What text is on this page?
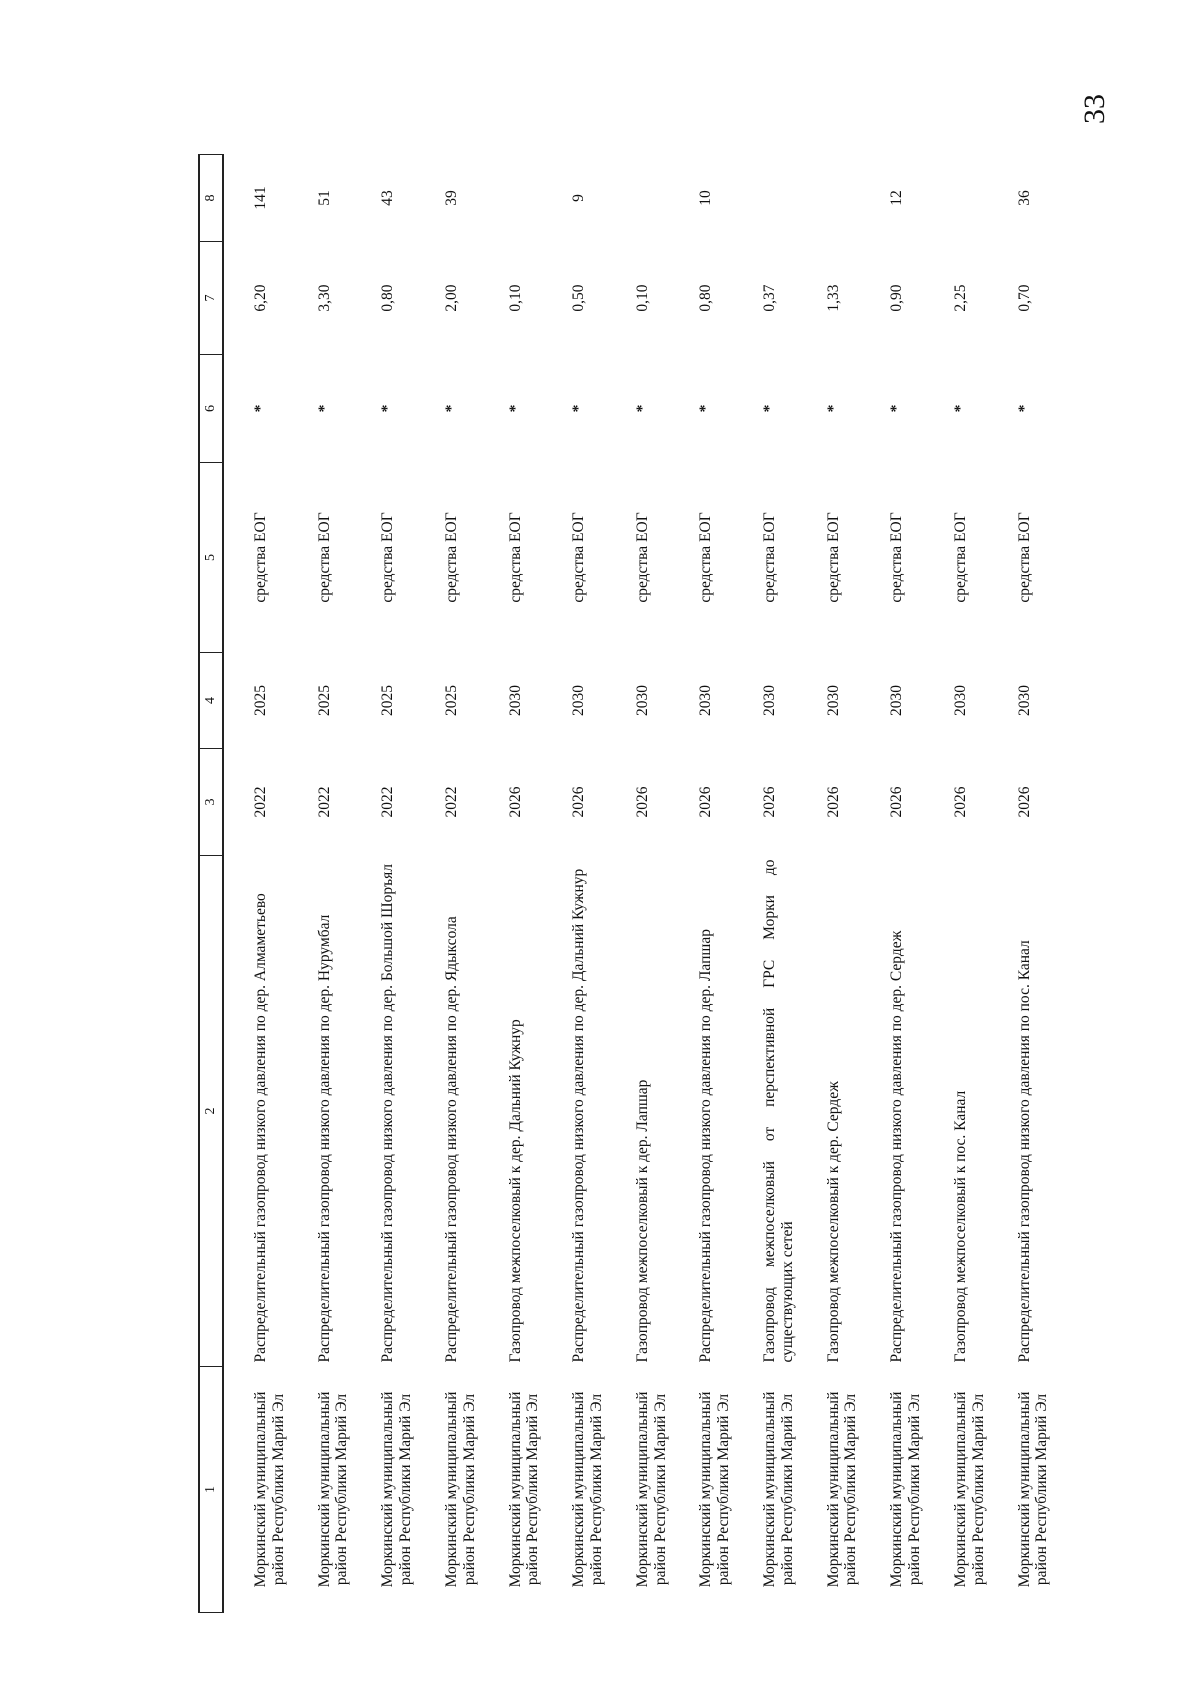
33
1	2	3	4	5	6	7	8
Моркинский муниципальный район Республики Марий Эл	Распределительный газопровод низкого давления по дер. Алмаметьево	2022	2025	средства ЕОГ	*	6,20	141
Моркинский муниципальный район Республики Марий Эл	Распределительный газопровод низкого давления по дер. Нурумбал	2022	2025	средства ЕОГ	*	3,30	51
Моркинский муниципальный район Республики Марий Эл	Распределительный газопровод низкого давления по дер. Большой Шоръял	2022	2025	средства ЕОГ	*	0,80	43
Моркинский муниципальный район Республики Марий Эл	Распределительный газопровод низкого давления по дер. Ядыксола	2022	2025	средства ЕОГ	*	2,00	39
Моркинский муниципальный район Республики Марий Эл	Газопровод межпоселковый к дер. Дальний Кужнур	2026	2030	средства ЕОГ	*	0,10	
Моркинский муниципальный район Республики Марий Эл	Распределительный газопровод низкого давления по дер. Дальний Кужнур	2026	2030	средства ЕОГ	*	0,50	9
Моркинский муниципальный район Республики Марий Эл	Газопровод межпоселковый к дер. Лапшар	2026	2030	средства ЕОГ	*	0,10	
Моркинский муниципальный район Республики Марий Эл	Распределительный газопровод низкого давления по дер. Лапшар	2026	2030	средства ЕОГ	*	0,80	10
Моркинский муниципальный район Республики Марий Эл	Газопровод межпоселковый от перспективной ГРС Морки до существующих сетей	2026	2030	средства ЕОГ	*	0,37	
Моркинский муниципальный район Республики Марий Эл	Газопровод межпоселковый к дер. Сердеж	2026	2030	средства ЕОГ	*	1,33	
Моркинский муниципальный район Республики Марий Эл	Распределительный газопровод низкого давления по дер. Сердеж	2026	2030	средства ЕОГ	*	0,90	12
Моркинский муниципальный район Республики Марий Эл	Газопровод межпоселковый к пос. Канал	2026	2030	средства ЕОГ	*	2,25	
Моркинский муниципальный район Республики Марий Эл	Распределительный газопровод низкого давления по пос. Канал	2026	2030	средства ЕОГ	*	0,70	36
